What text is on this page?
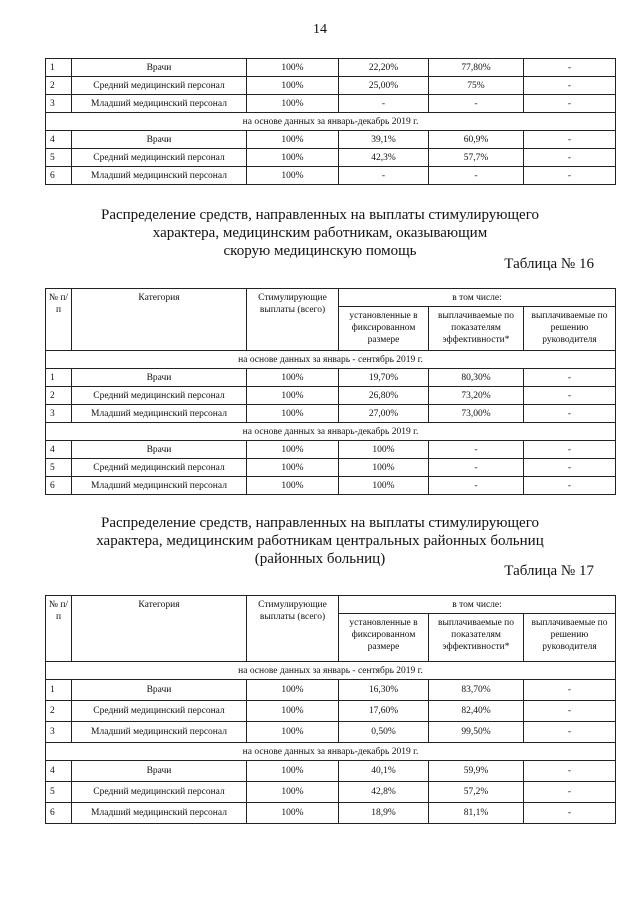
14
1	Врачи	100%	22,20%	77,80%	-
2	Средний медицинский персонал	100%	25,00%	75%	-
3	Младший медицинский персонал	100%	-	-	-
на основе данных за январь-декабрь 2019 г.					
4	Врачи	100%	39,1%	60,9%	-
5	Средний медицинский персонал	100%	42,3%	57,7%	-
6	Младший медицинский персонал	100%	-	-	-
Распределение средств, направленных на выплаты стимулирующего
характера, медицинским работникам, оказывающим
скорую медицинскую помощь
Таблица № 16
№ п/п	Категория	Стимулирующие выплаты (всего)	в том числе:		
			установленные в фиксированном размере	выплачиваемые по показателям эффективности*	выплачиваемые по решению руководителя
на основе данных за январь - сентябрь 2019 г.					
1	Врачи	100%	19,70%	80,30%	-
2	Средний медицинский персонал	100%	26,80%	73,20%	-
3	Младший медицинский персонал	100%	27,00%	73,00%	-
на основе данных за январь-декабрь 2019 г.					
4	Врачи	100%	100%	-	-
5	Средний медицинский персонал	100%	100%	-	-
6	Младший медицинский персонал	100%	100%	-	-
Распределение средств, направленных на выплаты стимулирующего
характера, медицинским работникам центральных районных больниц
(районных больниц)
Таблица № 17
№ п/п	Категория	Стимулирующие выплаты (всего)	в том числе:		
			установленные в фиксированном размере	выплачиваемые по показателям эффективности*	выплачиваемые по решению руководителя
на основе данных за январь - сентябрь 2019 г.					
1	Врачи	100%	16,30%	83,70%	-
2	Средний медицинский персонал	100%	17,60%	82,40%	-
3	Младший медицинский персонал	100%	0,50%	99,50%	-
на основе данных за январь-декабрь 2019 г.					
4	Врачи	100%	40,1%	59,9%	-
5	Средний медицинский персонал	100%	42,8%	57,2%	-
6	Младший медицинский персонал	100%	18,9%	81,1%	-
